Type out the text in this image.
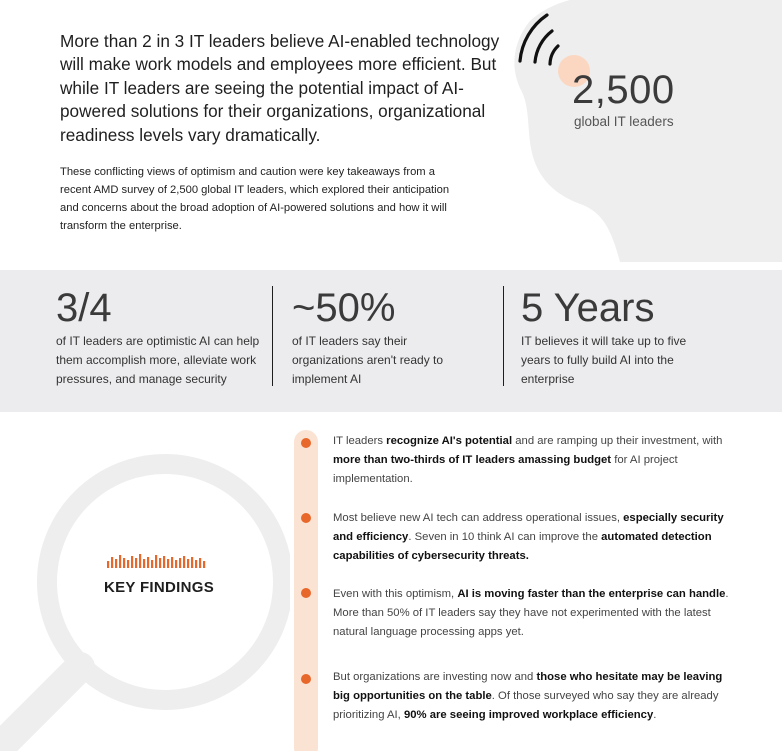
More than 2 in 3 IT leaders believe AI-enabled technology will make work models and employees more efficient. But while IT leaders are seeing the potential impact of AI-powered solutions for their organizations, organizational readiness levels vary dramatically.

These conflicting views of optimism and caution were key takeaways from a recent AMD survey of 2,500 global IT leaders, which explored their anticipation and concerns about the broad adoption of AI-powered solutions and how it will transform the enterprise.

2,500
global IT leaders
3/4
of IT leaders are optimistic AI can help them accomplish more, alleviate work pressures, and manage security
~50%
of IT leaders say their organizations aren't ready to implement AI
5 Years
IT believes it will take up to five years to fully build AI into the enterprise
KEY FINDINGS

IT leaders recognize AI's potential and are ramping up their investment, with more than two-thirds of IT leaders amassing budget for AI project implementation.

Most believe new AI tech can address operational issues, especially security and efficiency. Seven in 10 think AI can improve the automated detection capabilities of cybersecurity threats.

Even with this optimism, AI is moving faster than the enterprise can handle. More than 50% of IT leaders say they have not experimented with the latest natural language processing apps yet.

But organizations are investing now and those who hesitate may be leaving big opportunities on the table. Of those surveyed who say they are already prioritizing AI, 90% are seeing improved workplace efficiency.
